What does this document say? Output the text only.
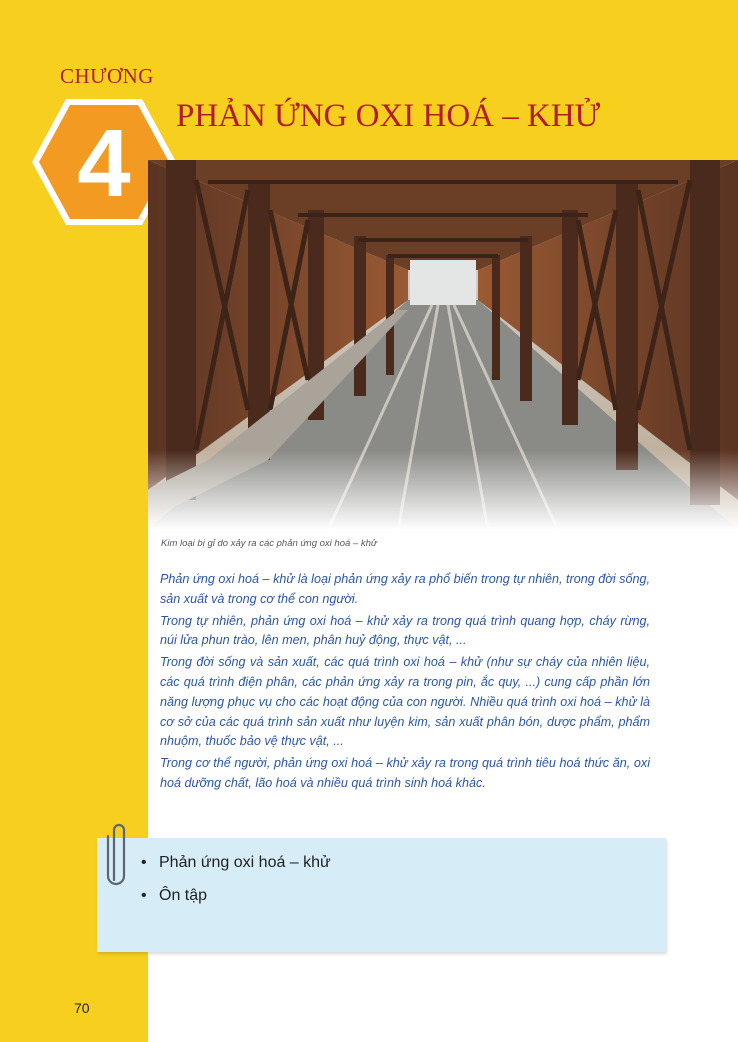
CHƯƠNG
4 PHẢN ỨNG OXI HOÁ – KHỬ
Kim loại bị gỉ do xảy ra các phản ứng oxi hoá – khử

Phản ứng oxi hoá – khử là loại phản ứng xảy ra phổ biến trong tự nhiên, trong đời sống, sản xuất và trong cơ thể con người.

Trong tự nhiên, phản ứng oxi hoá – khử xảy ra trong quá trình quang hợp, cháy rừng, núi lửa phun trào, lên men, phân huỷ động, thực vật, ...

Trong đời sống và sản xuất, các quá trình oxi hoá – khử (như sự cháy của nhiên liệu, các quá trình điện phân, các phản ứng xảy ra trong pin, ắc quy, ...) cung cấp phần lớn năng lượng phục vụ cho các hoạt động của con người. Nhiều quá trình oxi hoá – khử là cơ sở của các quá trình sản xuất như luyện kim, sản xuất phân bón, dược phẩm, phẩm nhuộm, thuốc bảo vệ thực vật, ...

Trong cơ thể người, phản ứng oxi hoá – khử xảy ra trong quá trình tiêu hoá thức ăn, oxi hoá dưỡng chất, lão hoá và nhiều quá trình sinh hoá khác.

• Phản ứng oxi hoá – khử
• Ôn tập
70
